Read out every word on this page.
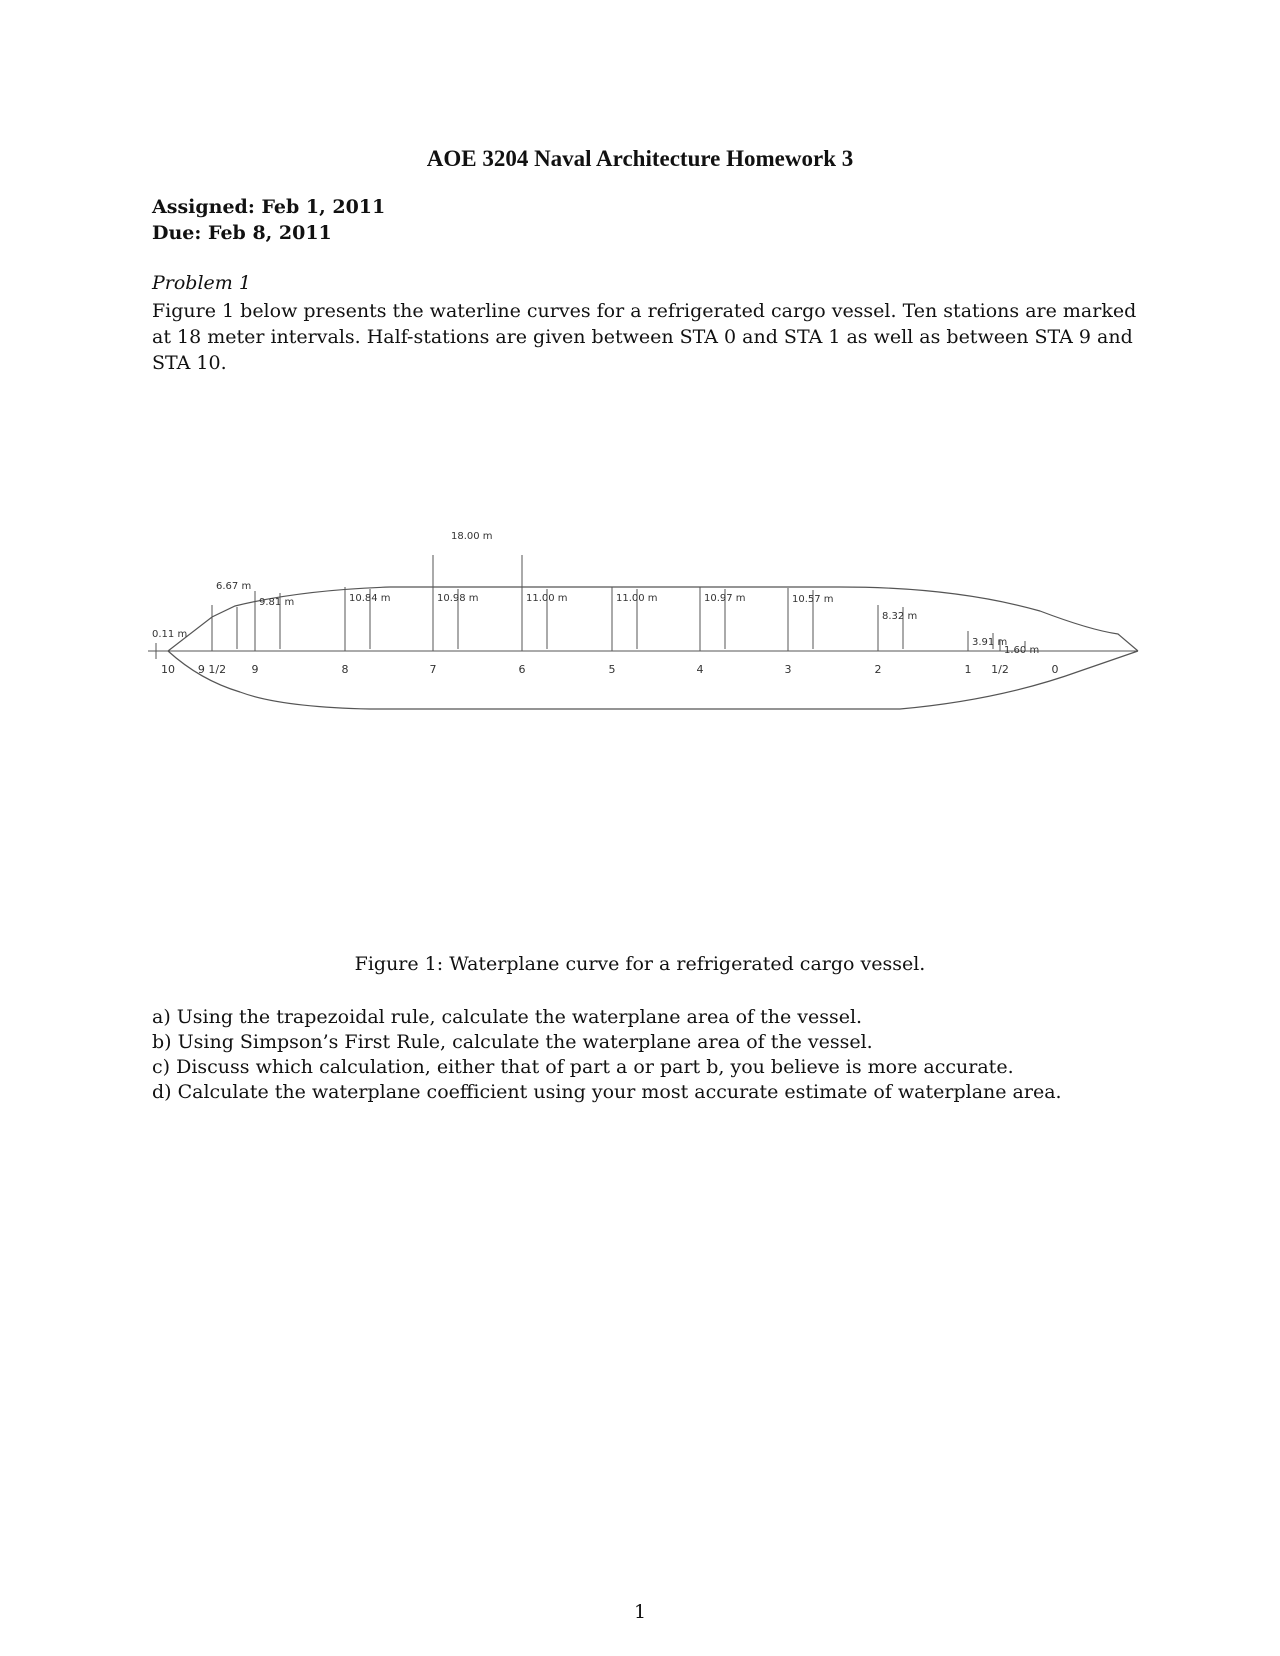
AOE 3204 Naval Architecture Homework 3
Assigned: Feb 1, 2011
Due: Feb 8, 2011
Problem 1
Figure 1 below presents the waterline curves for a refrigerated cargo vessel. Ten stations are marked at 18 meter intervals. Half-stations are given between STA 0 and STA 1 as well as between STA 9 and STA 10.
10
0.11 m
9 1/2
6.67 m
9
9.81 m
8
10.84 m
7
10.98 m
6
11.00 m
5
11.00 m
4
10.97 m
3
10.57 m
2
8.32 m
1
3.91 m
1/2
1.60 m
0
18.00 m
Figure 1: Waterplane curve for a refrigerated cargo vessel.
a) Using the trapezoidal rule, calculate the waterplane area of the vessel.
b) Using Simpson’s First Rule, calculate the waterplane area of the vessel.
c) Discuss which calculation, either that of part a or part b, you believe is more accurate.
d) Calculate the waterplane coefficient using your most accurate estimate of waterplane area.
1
